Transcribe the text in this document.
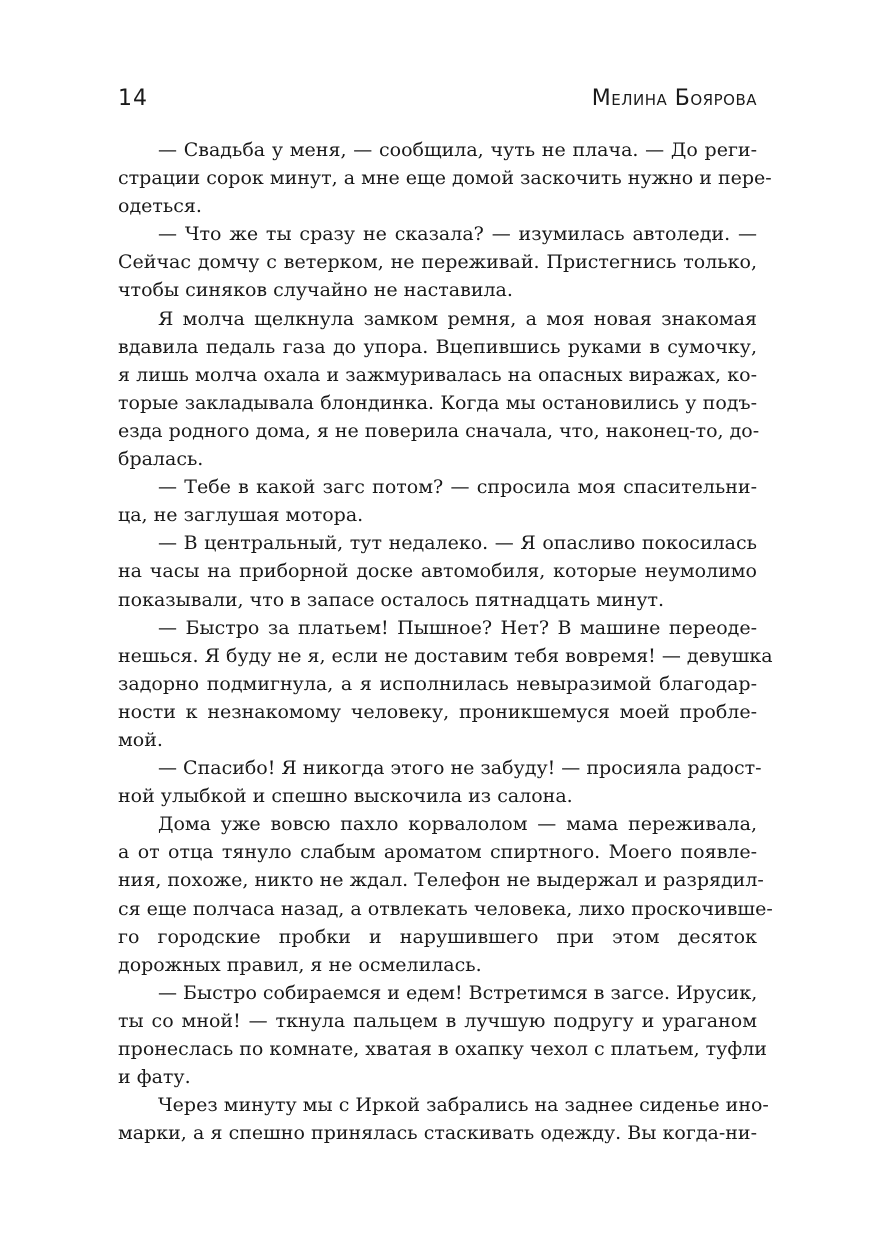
14	Мелина Боярова

— Свадьба у меня, — сообщила, чуть не плача. — До реги-
страции сорок минут, а мне еще домой заскочить нужно и пере-
одеться.

— Что же ты сразу не сказала? — изумилась автоледи. —
Сейчас домчу с ветерком, не переживай. Пристегнись только,
чтобы синяков случайно не наставила.

Я молча щелкнула замком ремня, а моя новая знакомая
вдавила педаль газа до упора. Вцепившись руками в сумочку,
я лишь молча охала и зажмуривалась на опасных виражах, ко-
торые закладывала блондинка. Когда мы остановились у подъ-
езда родного дома, я не поверила сначала, что, наконец-то, до-
бралась.

— Тебе в какой загс потом? — спросила моя спасительни-
ца, не заглушая мотора.

— В центральный, тут недалеко. — Я опасливо покосилась
на часы на приборной доске автомобиля, которые неумолимо
показывали, что в запасе осталось пятнадцать минут.

— Быстро за платьем! Пышное? Нет? В машине переоде-
нешься. Я буду не я, если не доставим тебя вовремя! — девушка
задорно подмигнула, а я исполнилась невыразимой благодар-
ности к незнакомому человеку, проникшемуся моей пробле-
мой.

— Спасибо! Я никогда этого не забуду! — просияла радост-
ной улыбкой и спешно выскочила из салона.

Дома уже вовсю пахло корвалолом — мама переживала,
а от отца тянуло слабым ароматом спиртного. Моего появле-
ния, похоже, никто не ждал. Телефон не выдержал и разрядил-
ся еще полчаса назад, а отвлекать человека, лихо проскочивше-
го городские пробки и нарушившего при этом десяток
дорожных правил, я не осмелилась.

— Быстро собираемся и едем! Встретимся в загсе. Ирусик,
ты со мной! — ткнула пальцем в лучшую подругу и ураганом
пронеслась по комнате, хватая в охапку чехол с платьем, туфли
и фату.

Через минуту мы с Иркой забрались на заднее сиденье ино-
марки, а я спешно принялась стаскивать одежду. Вы когда-ни-
